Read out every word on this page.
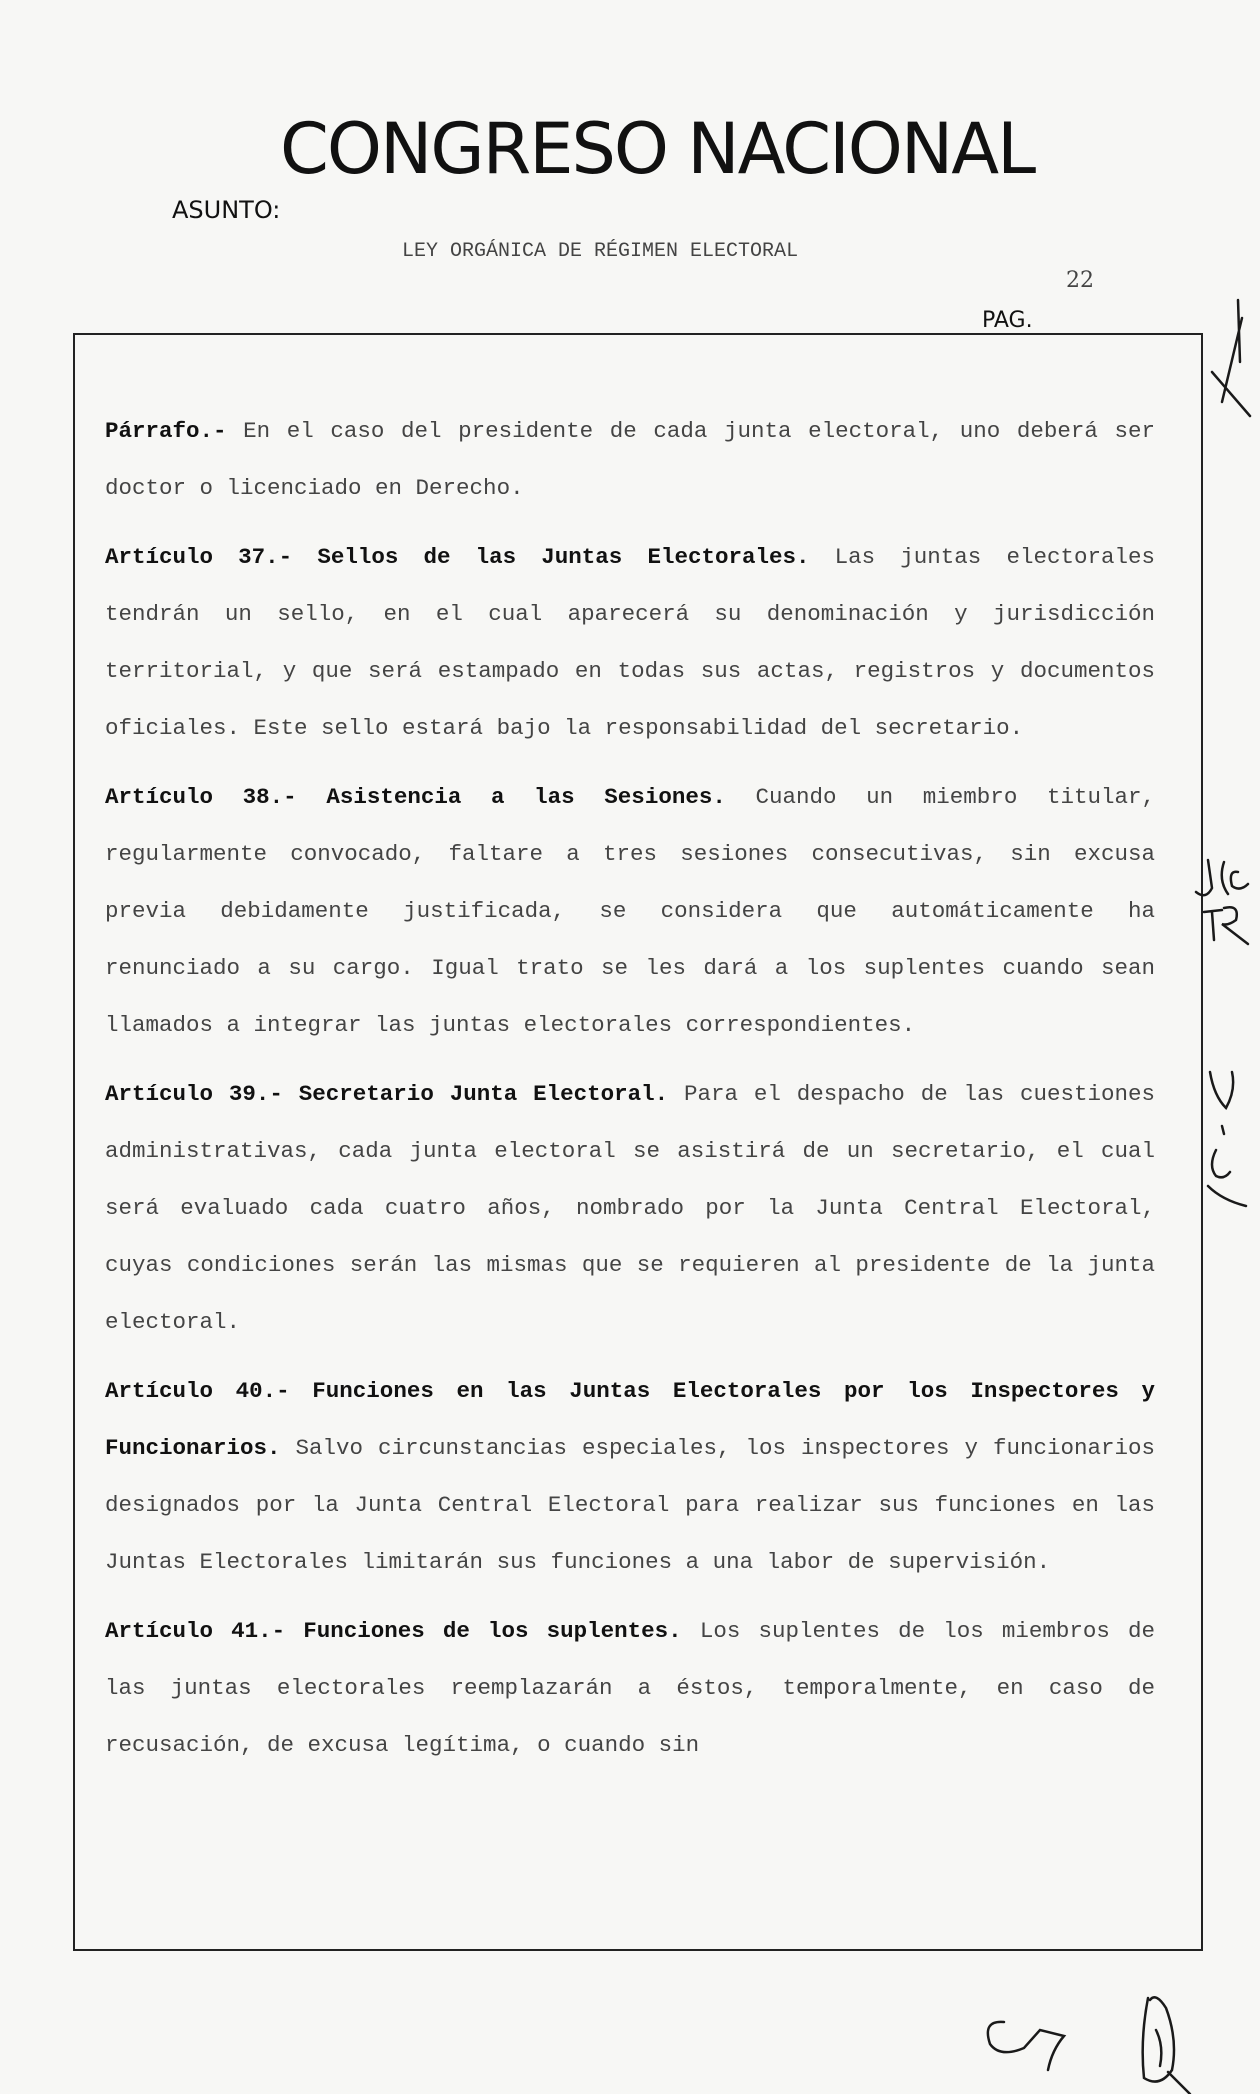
CONGRESO NACIONAL
ASUNTO:
LEY ORGÁNICA DE RÉGIMEN ELECTORAL
22
PAG.

Párrafo.- En el caso del presidente de cada junta electoral, uno deberá ser doctor o licenciado en Derecho.

Artículo 37.- Sellos de las Juntas Electorales. Las juntas electorales tendrán un sello, en el cual aparecerá su denominación y jurisdicción territorial, y que será estampado en todas sus actas, registros y documentos oficiales. Este sello estará bajo la responsabilidad del secretario.

Artículo 38.- Asistencia a las Sesiones. Cuando un miembro titular, regularmente convocado, faltare a tres sesiones consecutivas, sin excusa previa debidamente justificada, se considera que automáticamente ha renunciado a su cargo. Igual trato se les dará a los suplentes cuando sean llamados a integrar las juntas electorales correspondientes.

Artículo 39.- Secretario Junta Electoral. Para el despacho de las cuestiones administrativas, cada junta electoral se asistirá de un secretario, el cual será evaluado cada cuatro años, nombrado por la Junta Central Electoral, cuyas condiciones serán las mismas que se requieren al presidente de la junta electoral.

Artículo 40.- Funciones en las Juntas Electorales por los Inspectores y Funcionarios. Salvo circunstancias especiales, los inspectores y funcionarios designados por la Junta Central Electoral para realizar sus funciones en las Juntas Electorales limitarán sus funciones a una labor de supervisión.

Artículo 41.- Funciones de los suplentes. Los suplentes de los miembros de las juntas electorales reemplazarán a éstos, temporalmente, en caso de recusación, de excusa legítima, o cuando sin
